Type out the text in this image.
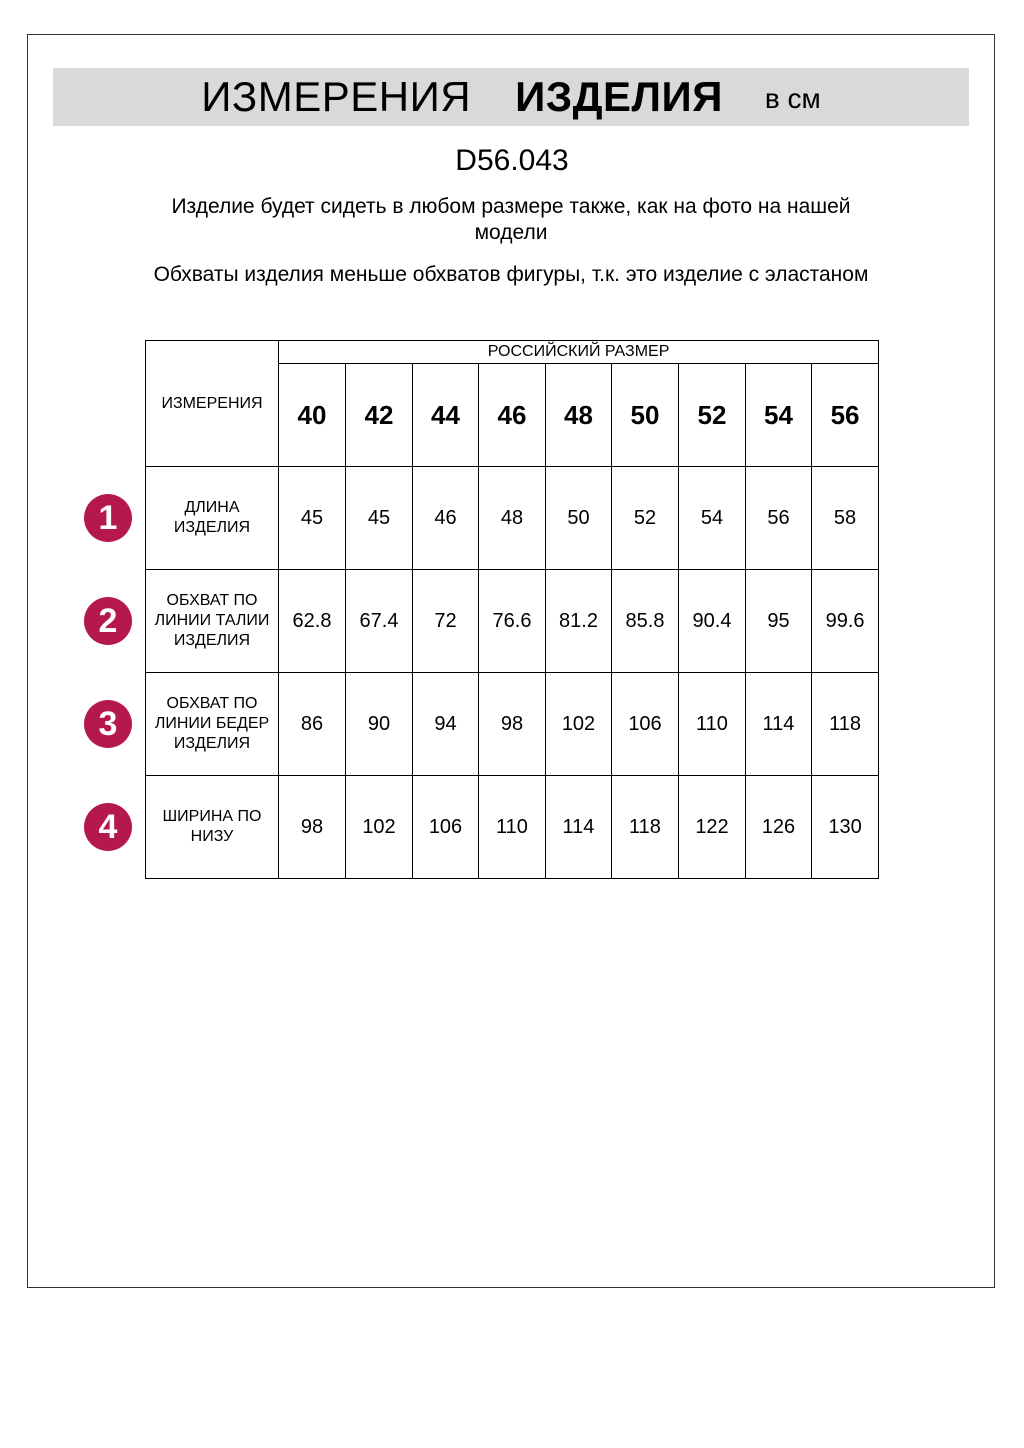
ИЗМЕРЕНИЯ ИЗДЕЛИЯ в см
D56.043
Изделие будет сидеть в любом размере также, как на фото на нашей модели
Обхваты изделия меньше обхватов фигуры, т.к. это изделие с эластаном
ИЗМЕРЕНИЯ	РОССИЙСКИЙ РАЗМЕР								
	40	42	44	46	48	50	52	54	56

ДЛИНА
ИЗДЕЛИЯ	45	45	46	48	50	52	54	56	58

ОБХВАТ ПО
ЛИНИИ ТАЛИИ
ИЗДЕЛИЯ	62.8	67.4	72	76.6	81.2	85.8	90.4	95	99.6

ОБХВАТ ПО
ЛИНИИ БЕДЕР
ИЗДЕЛИЯ	86	90	94	98	102	106	110	114	118

ШИРИНА ПО
НИЗУ	98	102	106	110	114	118	122	126	130
1
2
3
4
